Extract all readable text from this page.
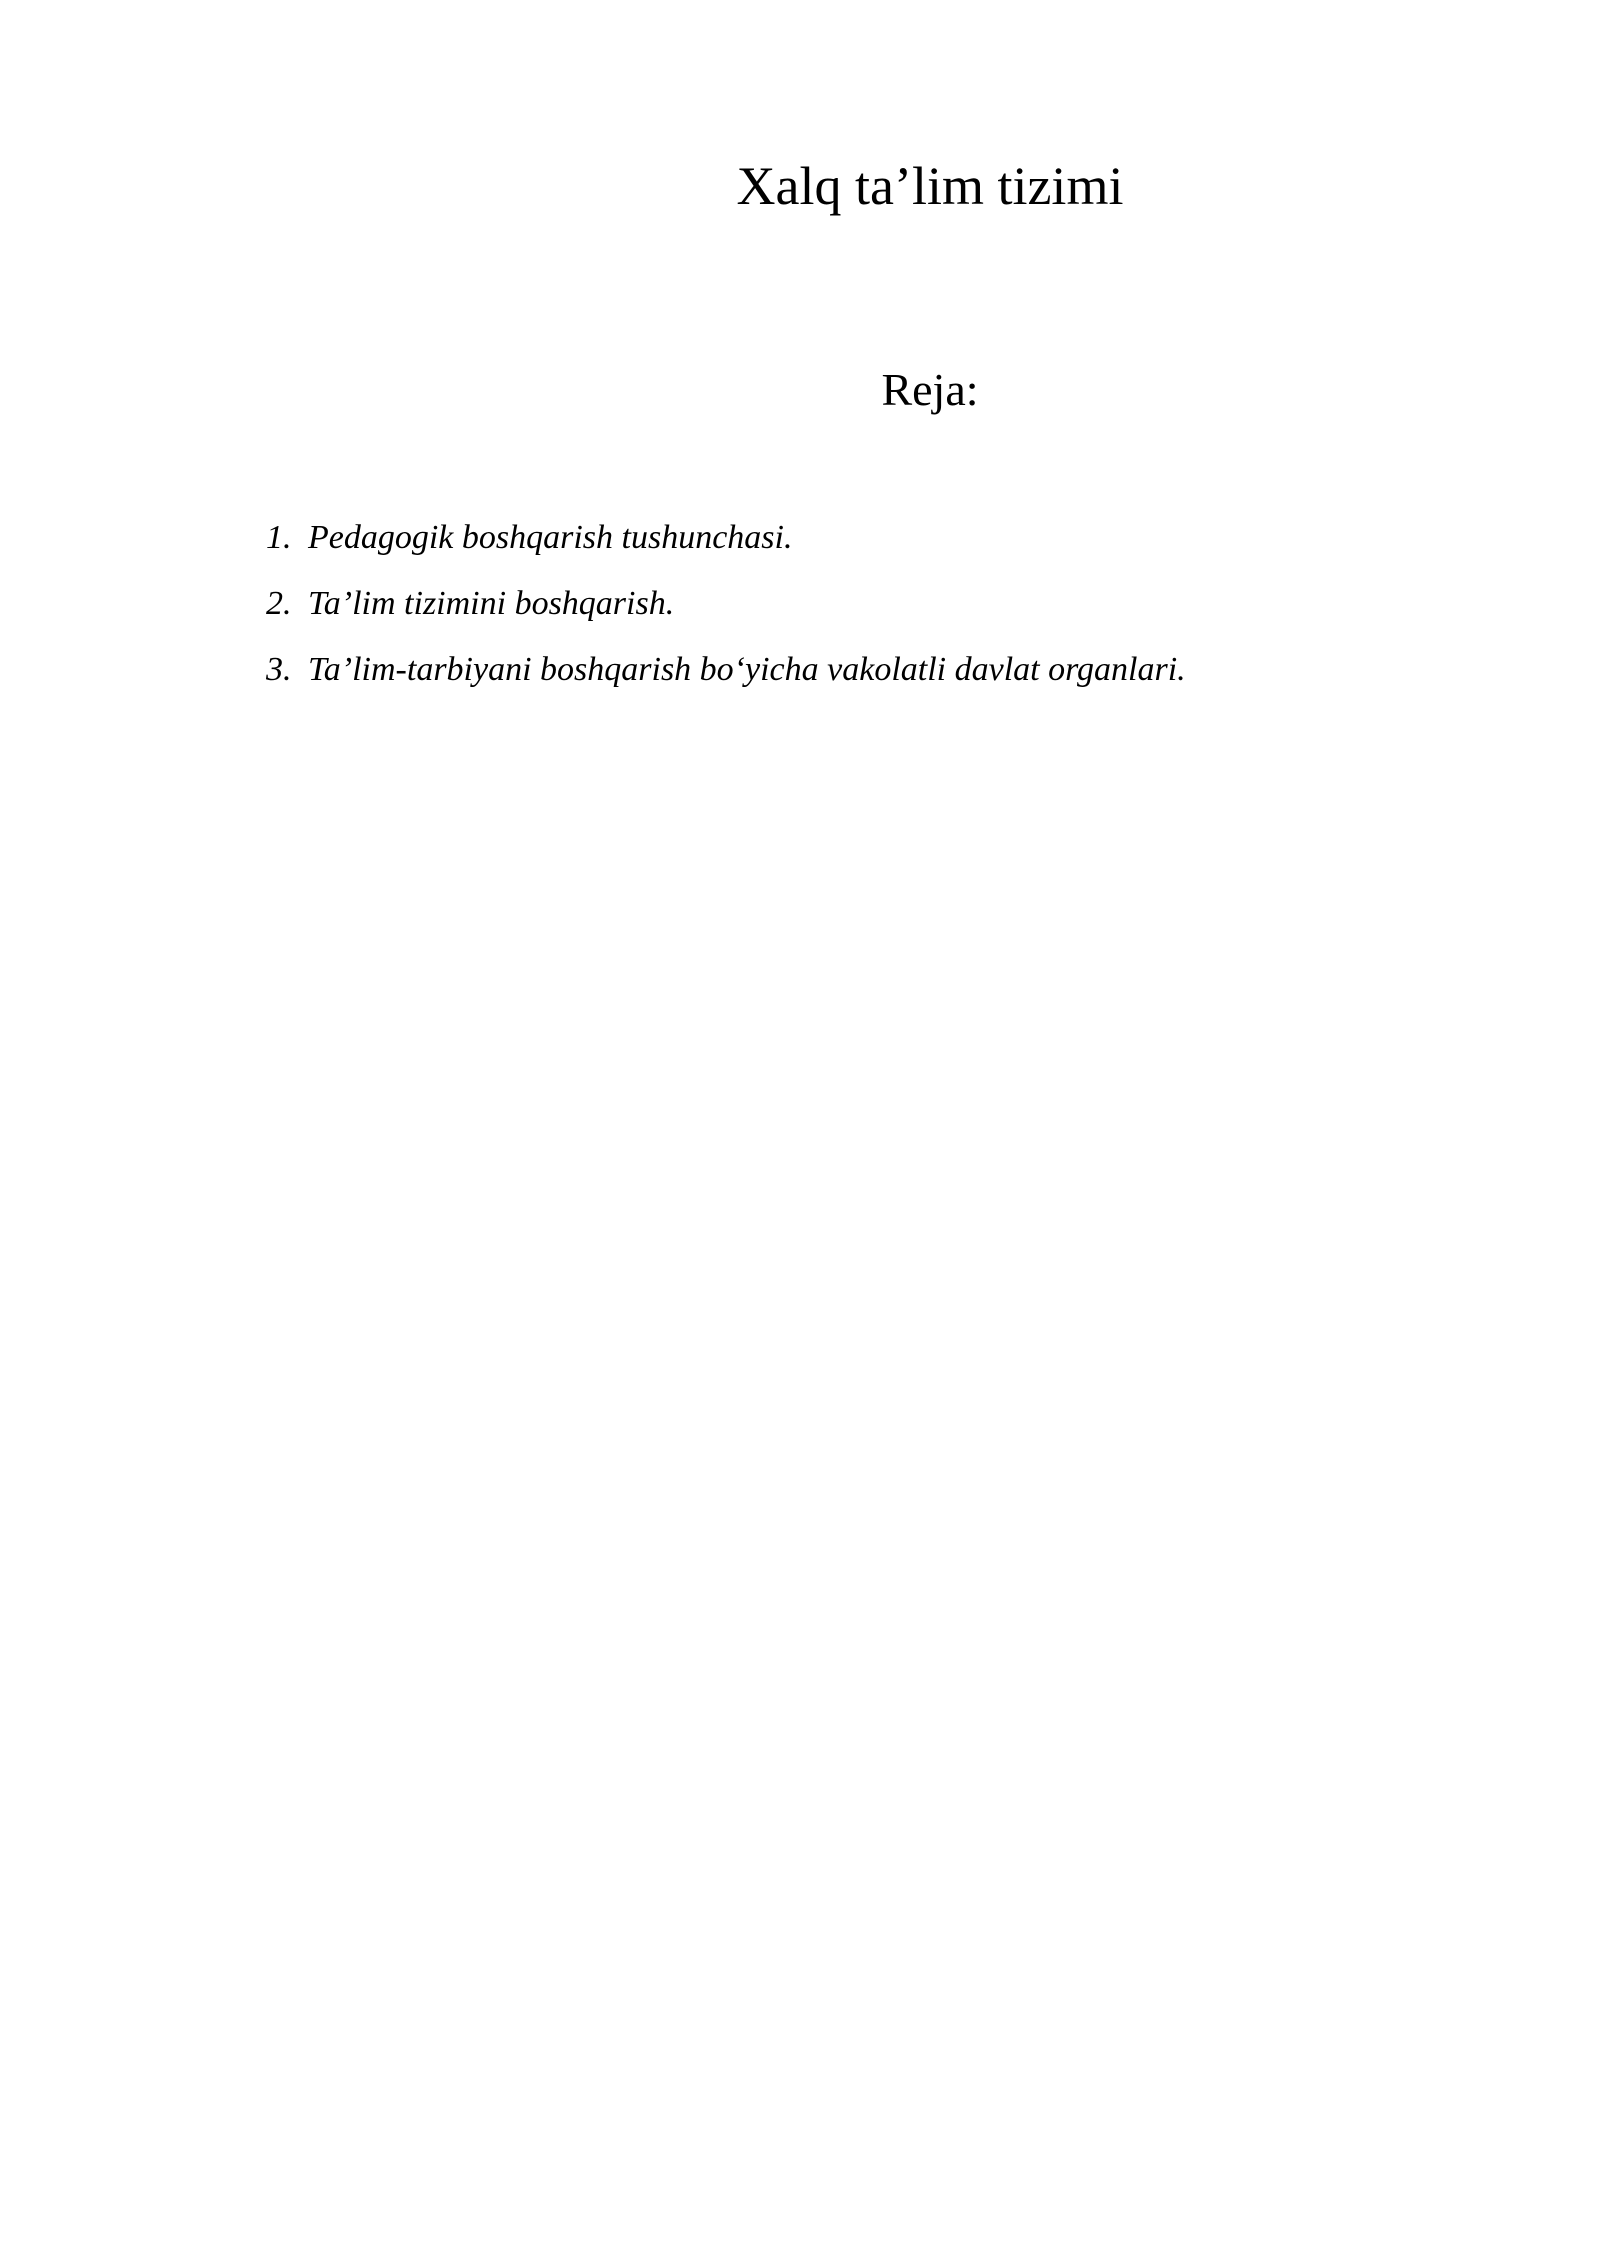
Xalq ta’lim tizimi
Reja:
1. Pedagogik boshqarish tushunchasi.
2. Ta’lim tizimini boshqarish.
3. Ta’lim-tarbiyani boshqarish bo‘yicha vakolatli davlat organlari.
